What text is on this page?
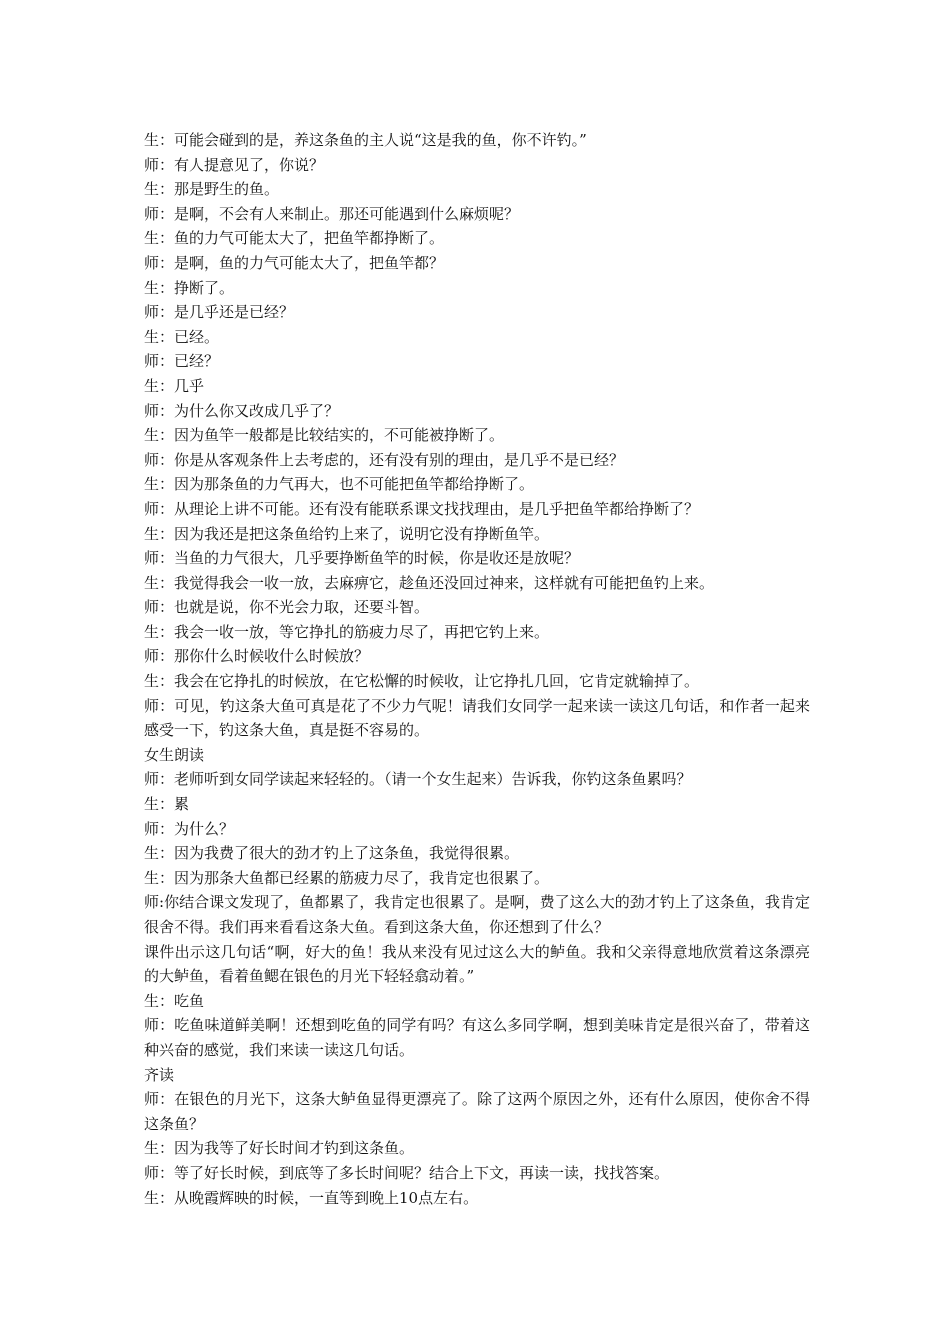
生：可能会碰到的是，养这条鱼的主人说“这是我的鱼，你不许钓。”

师：有人提意见了，你说？

生：那是野生的鱼。

师：是啊，不会有人来制止。那还可能遇到什么麻烦呢？

生：鱼的力气可能太大了，把鱼竿都挣断了。

师：是啊，鱼的力气可能太大了，把鱼竿都？

生：挣断了。

师：是几乎还是已经？

生：已经。

师：已经？

生：几乎

师：为什么你又改成几乎了？

生：因为鱼竿一般都是比较结实的，不可能被挣断了。

师：你是从客观条件上去考虑的，还有没有别的理由，是几乎不是已经？

生：因为那条鱼的力气再大，也不可能把鱼竿都给挣断了。

师：从理论上讲不可能。还有没有能联系课文找找理由，是几乎把鱼竿都给挣断了？

生：因为我还是把这条鱼给钓上来了，说明它没有挣断鱼竿。

师：当鱼的力气很大，几乎要挣断鱼竿的时候，你是收还是放呢？

生：我觉得我会一收一放，去麻痹它，趁鱼还没回过神来，这样就有可能把鱼钓上来。

师：也就是说，你不光会力取，还要斗智。

生：我会一收一放，等它挣扎的筋疲力尽了，再把它钓上来。

师：那你什么时候收什么时候放？

生：我会在它挣扎的时候放，在它松懈的时候收，让它挣扎几回，它肯定就输掉了。

师：可见，钓这条大鱼可真是花了不少力气呢！请我们女同学一起来读一读这几句话，和作者一起来感受一下，钓这条大鱼，真是挺不容易的。

女生朗读

师：老师听到女同学读起来轻轻的。（请一个女生起来）告诉我，你钓这条鱼累吗？

生：累

师：为什么？

生：因为我费了很大的劲才钓上了这条鱼，我觉得很累。

生：因为那条大鱼都已经累的筋疲力尽了，我肯定也很累了。

师:你结合课文发现了，鱼都累了，我肯定也很累了。是啊，费了这么大的劲才钓上了这条鱼，我肯定很舍不得。我们再来看看这条大鱼。看到这条大鱼，你还想到了什么？

课件出示这几句话“啊，好大的鱼！我从来没有见过这么大的鲈鱼。我和父亲得意地欣赏着这条漂亮的大鲈鱼，看着鱼鳃在银色的月光下轻轻翕动着。”

生：吃鱼

师：吃鱼味道鲜美啊！还想到吃鱼的同学有吗？有这么多同学啊，想到美味肯定是很兴奋了，带着这种兴奋的感觉，我们来读一读这几句话。

齐读

师：在银色的月光下，这条大鲈鱼显得更漂亮了。除了这两个原因之外，还有什么原因，使你舍不得这条鱼？

生：因为我等了好长时间才钓到这条鱼。

师：等了好长时候，到底等了多长时间呢？结合上下文，再读一读，找找答案。

生：从晚霞辉映的时候，一直等到晚上10点左右。
